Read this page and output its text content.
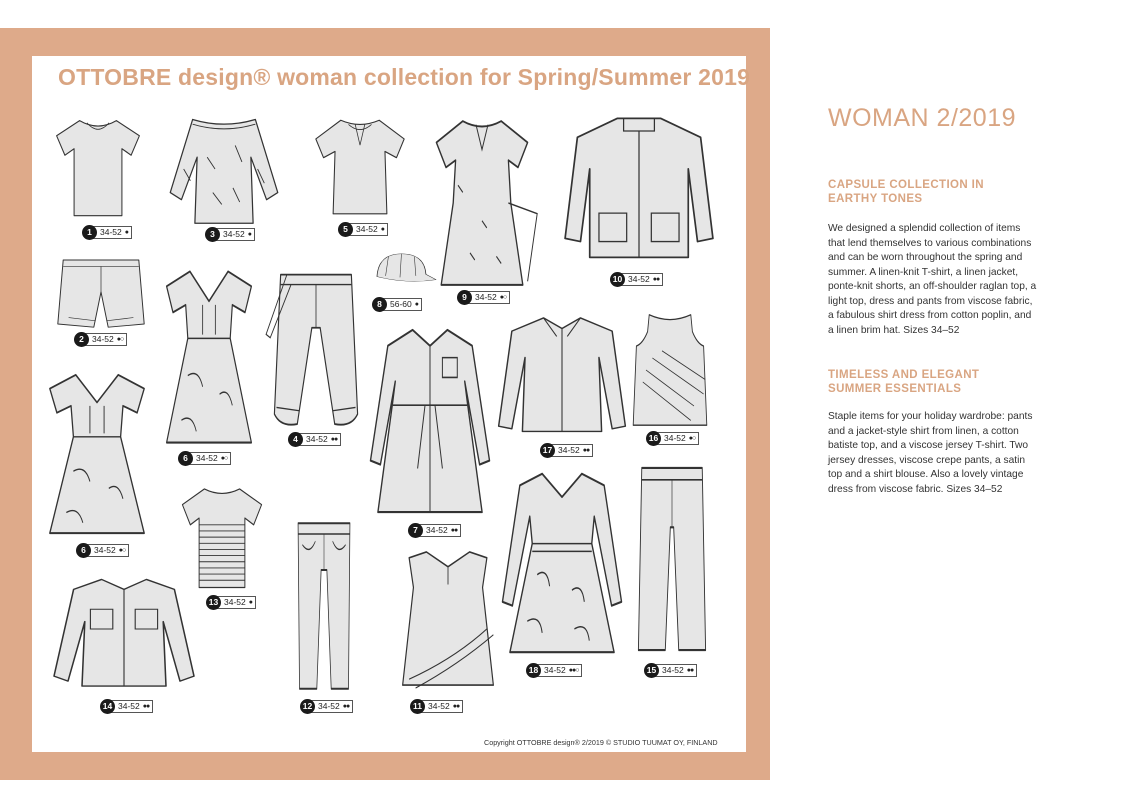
OTTOBRE design® woman collection for Spring/Summer 2019
1 34-52 ●	3 34-52 ●	5 34-52 ●
9 34-52 ●○
10 34-52 ●●
2 34-52 ●○
8 56-60 ●
6 34-52 ●○
4 34-52 ●●
7 34-52 ●●
17 34-52 ●●
16 34-52 ●○
6 34-52 ●○
13 34-52 ●
14 34-52 ●●	12 34-52 ●●	11 34-52 ●●
18 34-52 ●●○	15 34-52 ●●
Copyright OTTOBRE design® 2/2019 © STUDIO TUUMAT OY, FINLAND
WOMAN 2/2019
CAPSULE COLLECTION IN
EARTHY TONES
We designed a splendid collection of items that lend themselves to various combinations and can be worn throughout the spring and summer. A linen-knit T-shirt, a linen jacket, ponte-knit shorts, an off-shoulder raglan top, a light top, dress and pants from viscose fabric, a fabulous shirt dress from cotton poplin, and a linen brim hat. Sizes 34–52
TIMELESS AND ELEGANT
SUMMER ESSENTIALS
Staple items for your holiday wardrobe: pants and a jacket-style shirt from linen, a cotton batiste top, and a viscose jersey T-shirt. Two jersey dresses, viscose crepe pants, a satin top and a shirt blouse. Also a lovely vintage dress from viscose fabric. Sizes 34–52
